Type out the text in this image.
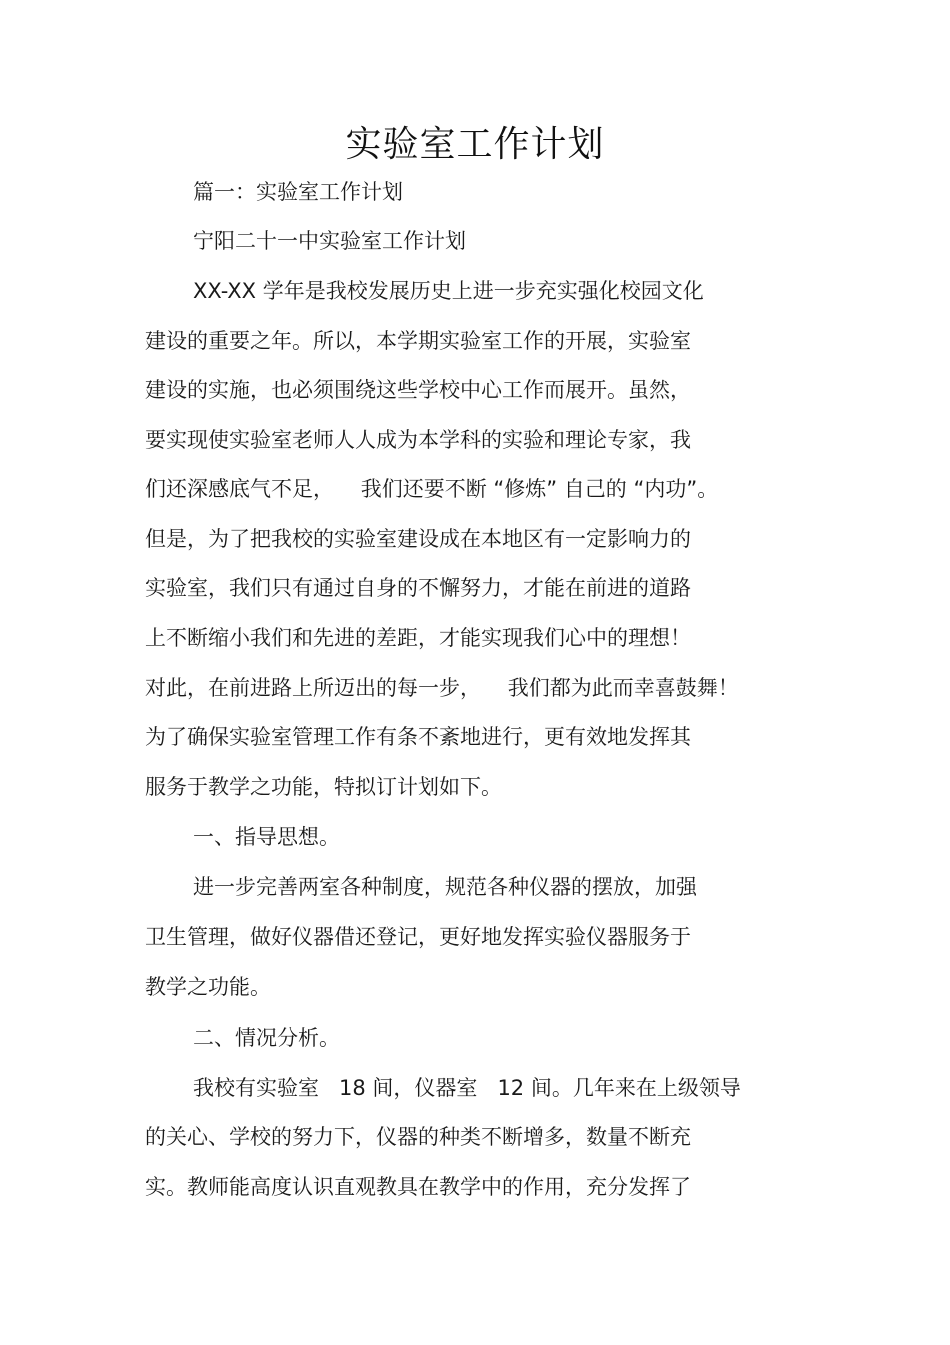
实验室工作计划
篇一：实验室工作计划
宁阳二十一中实验室工作计划
XX-XX 学年是我校发展历史上进一步充实强化校园文化
建设的重要之年。所以，本学期实验室工作的开展，实验室
建设的实施，也必须围绕这些学校中心工作而展开。虽然，
要实现使实验室老师人人成为本学科的实验和理论专家，我
们还深感底气不足，    我们还要不断 “修炼” 自己的 “内功”。
但是，为了把我校的实验室建设成在本地区有一定影响力的
实验室，我们只有通过自身的不懈努力，才能在前进的道路
上不断缩小我们和先进的差距，才能实现我们心中的理想！
对此，在前进路上所迈出的每一步，    我们都为此而幸喜鼓舞！
为了确保实验室管理工作有条不紊地进行，更有效地发挥其
服务于教学之功能，特拟订计划如下。
一、指导思想。
进一步完善两室各种制度，规范各种仪器的摆放，加强
卫生管理，做好仪器借还登记，更好地发挥实验仪器服务于
教学之功能。
二、情况分析。
我校有实验室   18 间，仪器室   12 间。几年来在上级领导
的关心、学校的努力下，仪器的种类不断增多，数量不断充
实。教师能高度认识直观教具在教学中的作用，充分发挥了
